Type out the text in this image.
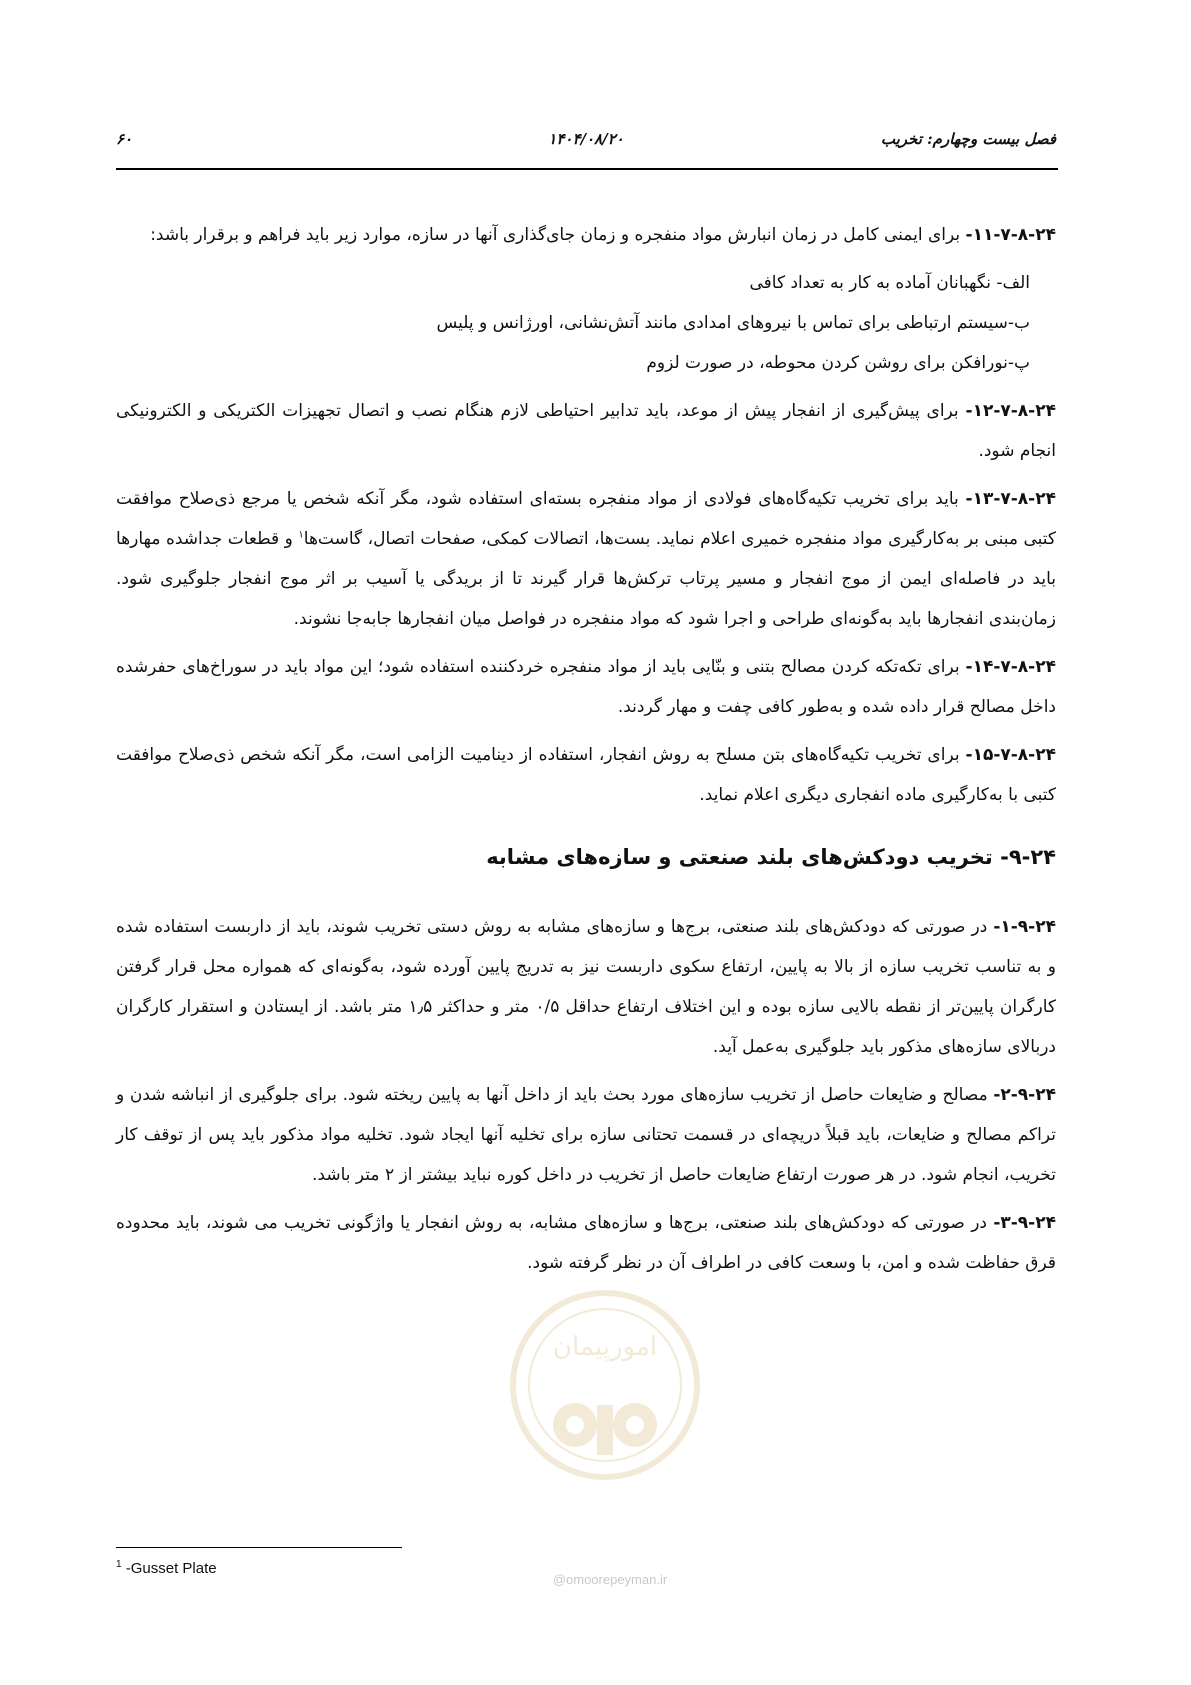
فصل بیست وچهارم: تخریب
۱۴۰۴/۰۸/۲۰
۶۰
امورپیمان
@omoorepeyman.ir

۱۱-۷-۸-۲۴- برای ایمنی کامل در زمان انبارش مواد منفجره و زمان جای‌گذاری آنها در سازه، موارد زیر باید فراهم و برقرار باشد:

الف- نگهبانان آماده به کار به تعداد کافی

ب-سیستم ارتباطی برای تماس با نیروهای امدادی مانند آتش‌نشانی، اورژانس و پلیس

پ-نورافکن برای روشن کردن محوطه، در صورت لزوم

۱۲-۷-۸-۲۴- برای پیش‌گیری از انفجار پیش از موعد، باید تدابیر احتیاطی لازم هنگام نصب و اتصال تجهیزات الکتریکی و الکترونیکی انجام شود.

۱۳-۷-۸-۲۴- باید برای تخریب تکیه‌گاه‌های فولادی از مواد منفجره بسته‌ای استفاده شود، مگر آنکه شخص یا مرجع ذی‌صلاح موافقت کتبی مبنی بر به‌کارگیری مواد منفجره خمیری اعلام نماید. بست‌ها، اتصالات کمکی، صفحات اتصال، گاست‌ها$^۱$ و قطعات جداشده مهارها باید در فاصله‌ای ایمن از موج انفجار و مسیر پرتاب ترکش‌ها قرار گیرند تا از بریدگی یا آسیب بر اثر موج انفجار جلوگیری شود. زمان‌بندی انفجارها باید به‌گونه‌ای طراحی و اجرا شود که مواد منفجره در فواصل میان انفجارها جابه‌جا نشوند.

۱۴-۷-۸-۲۴- برای تکه‌تکه کردن مصالح بتنی و بنّایی باید از مواد منفجره خردکننده استفاده شود؛ این مواد باید در سوراخ‌های حفرشده داخل مصالح قرار داده شده و به‌طور کافی چفت و مهار گردند.

۱۵-۷-۸-۲۴- برای تخریب تکیه‌گاه‌های بتن مسلح به روش انفجار، استفاده از دینامیت الزامی است، مگر آنکه شخص ذی‌صلاح موافقت کتبی با به‌کارگیری ماده انفجاری دیگری اعلام نماید.

۹-۲۴- تخریب دودکش‌های بلند صنعتی و سازه‌های مشابه

۱-۹-۲۴- در صورتی که دودکش‌های بلند صنعتی، برج‌ها و سازه‌های مشابه به روش دستی تخریب شوند، باید از داربست استفاده شده و به تناسب تخریب سازه از بالا به پایین، ارتفاع سکوی داربست نیز به تدریج پایین آورده شود، به‌گونه‌ای که همواره محل قرار گرفتن کارگران پایین‌تر از نقطه بالایی سازه بوده و این اختلاف ارتفاع حداقل ۰/۵ متر و حداکثر ۱٫۵ متر باشد. از ایستادن و استقرار کارگران دربالای سازه‌های مذکور باید جلوگیری به‌عمل آید.

۲-۹-۲۴- مصالح و ضایعات حاصل از تخریب سازه‌های مورد بحث باید از داخل آنها به پایین ریخته شود. برای جلوگیری از انباشه شدن و تراکم مصالح و ضایعات، باید قبلاً دریچه‌ای در قسمت تحتانی سازه برای تخلیه آنها ایجاد شود. تخلیه مواد مذکور باید پس از توقف کار تخریب، انجام شود. در هر صورت ارتفاع ضایعات حاصل از تخریب در داخل کوره نباید بیشتر از ۲ متر باشد.

۳-۹-۲۴- در صورتی که دودکش‌های بلند صنعتی، برج‌ها و سازه‌های مشابه، به روش انفجار یا واژگونی تخریب می شوند، باید محدوده قرق حفاظت شده و امن، با وسعت کافی در اطراف آن در نظر گرفته شود.

$^1$ -Gusset Plate
